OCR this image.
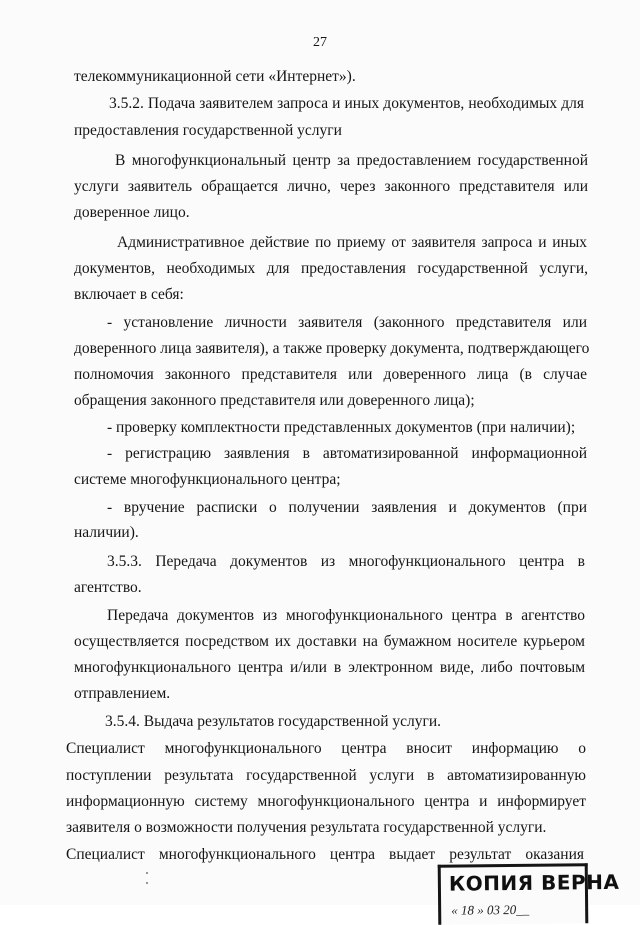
27
телекоммуникационной сети «Интернет»).
3.5.2. Подача заявителем запроса и иных документов, необходимых для
предоставления государственной услуги
В многофункциональный центр за предоставлением государственной
услуги заявитель обращается лично, через законного представителя или
доверенное лицо.
Административное действие по приему от заявителя запроса и иных
документов, необходимых для предоставления государственной услуги,
включает в себя:
- установление личности заявителя (законного представителя или
доверенного лица заявителя), а также проверку документа, подтверждающего
полномочия законного представителя или доверенного лица (в случае
обращения законного представителя или доверенного лица);
- проверку комплектности представленных документов (при наличии);
- регистрацию заявления в автоматизированной информационной
системе многофункционального центра;
- вручение расписки о получении заявления и документов (при
наличии).
3.5.3. Передача документов из многофункционального центра в
агентство.
Передача документов из многофункционального центра в агентство
осуществляется посредством их доставки на бумажном носителе курьером
многофункционального центра и/или в электронном виде, либо почтовым
отправлением.
3.5.4. Выдача результатов государственной услуги.
Специалист многофункционального центра вносит информацию о
поступлении результата государственной услуги в автоматизированную
информационную систему многофункционального центра и информирует
заявителя о возможности получения результата государственной услуги.
Специалист многофункционального центра выдает результат оказания
КОПИЯ ВЕРНА
« 18 » 03 20__
